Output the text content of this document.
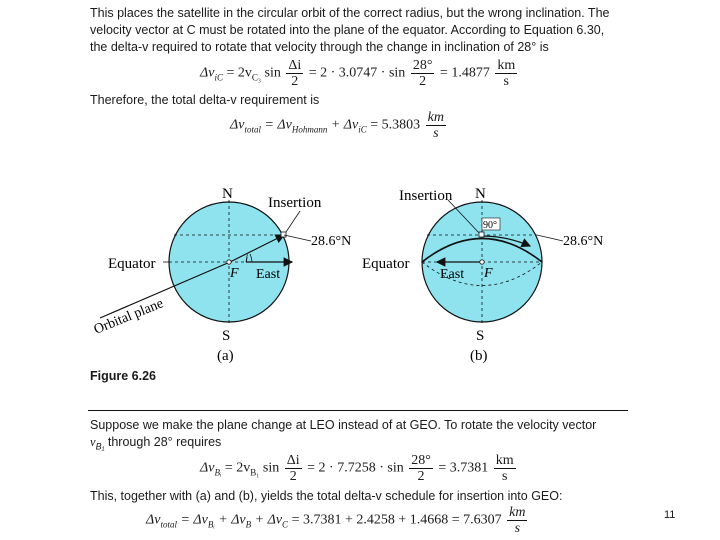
This places the satellite in the circular orbit of the correct radius, but the wrong inclination. The
velocity vector at C must be rotated into the plane of the equator. According to Equation 6.30,
the delta-v required to rotate that velocity through the change in inclination of 28° is
$\Delta v_{iC} = 2v_{C_3}$ $\sin \frac{\Delta i}{2} = 2 \cdot 3.0747 \cdot \sin \frac{28^\circ}{2} = 1.4877 \frac{km}{s}$
Therefore, the total delta-v requirement is
$\Delta v_{total} = \Delta v_{Hohmann} + \Delta v_{iC} = 5.3803 \frac{km}{s}$
N
S
Insertion
28.6°N
Equator
F East
i
Orbital plane
(a)
N
S
Insertion
28.6°N
Equator
F
East
90°
(b)
Figure 6.26
Suppose we make the plane change at LEO instead of at GEO. To rotate the velocity vector
$v_{B_1}$ through 28° requires
$\Delta v_{Bᵢ} = 2v_{B_1}$ $\sin \frac{\Delta i}{2} = 2 \cdot 7.7258 \cdot \sin \frac{28^\circ}{2} = 3.7381 \frac{km}{s}$
This, together with (a) and (b), yields the total delta-v schedule for insertion into GEO:
$\Delta v_{total} = \Delta v_{Bᵢ} + \Delta v_B + \Delta v_C = 3.7381 + 2.4258 + 1.4668 = 7.6307 \frac{km}{s}$	11
